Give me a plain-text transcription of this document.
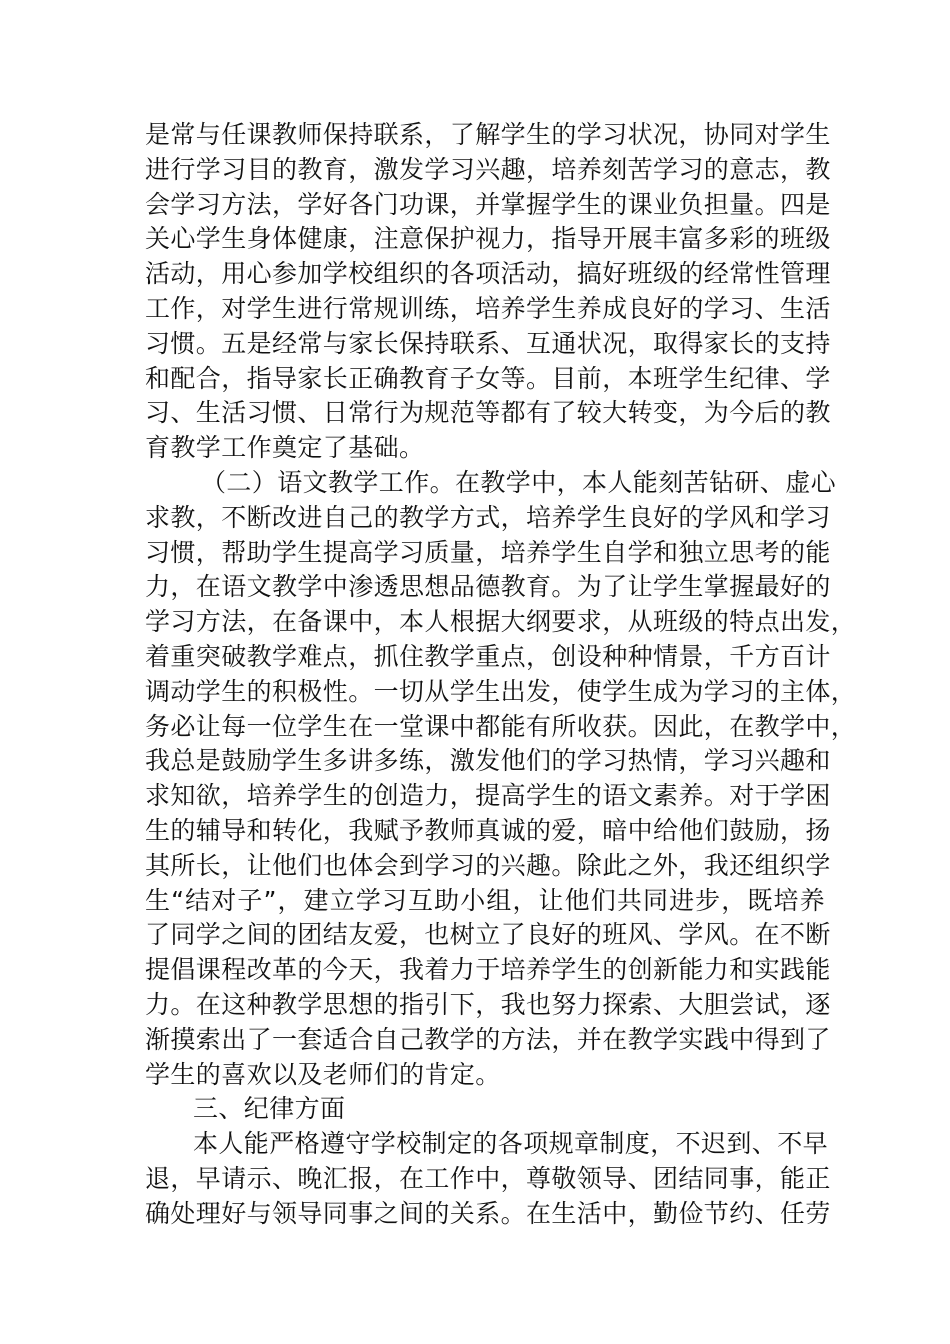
是常与任课教师保持联系，了解学生的学习状况，协同对学生
进行学习目的教育，激发学习兴趣，培养刻苦学习的意志，教
会学习方法，学好各门功课，并掌握学生的课业负担量。四是
关心学生身体健康，注意保护视力，指导开展丰富多彩的班级
活动，用心参加学校组织的各项活动，搞好班级的经常性管理
工作，对学生进行常规训练，培养学生养成良好的学习、生活
习惯。五是经常与家长保持联系、互通状况，取得家长的支持
和配合，指导家长正确教育子女等。目前，本班学生纪律、学
习、生活习惯、日常行为规范等都有了较大转变，为今后的教
育教学工作奠定了基础。
（二）语文教学工作。在教学中，本人能刻苦钻研、虚心
求教，不断改进自己的教学方式，培养学生良好的学风和学习
习惯，帮助学生提高学习质量，培养学生自学和独立思考的能
力，在语文教学中渗透思想品德教育。为了让学生掌握最好的
学习方法，在备课中，本人根据大纲要求，从班级的特点出发，
着重突破教学难点，抓住教学重点，创设种种情景，千方百计
调动学生的积极性。一切从学生出发，使学生成为学习的主体，
务必让每一位学生在一堂课中都能有所收获。因此，在教学中，
我总是鼓励学生多讲多练，激发他们的学习热情，学习兴趣和
求知欲，培养学生的创造力，提高学生的语文素养。对于学困
生的辅导和转化，我赋予教师真诚的爱，暗中给他们鼓励，扬
其所长，让他们也体会到学习的兴趣。除此之外，我还组织学
生“结对子”，建立学习互助小组，让他们共同进步，既培养
了同学之间的团结友爱，也树立了良好的班风、学风。在不断
提倡课程改革的今天，我着力于培养学生的创新能力和实践能
力。在这种教学思想的指引下，我也努力探索、大胆尝试，逐
渐摸索出了一套适合自己教学的方法，并在教学实践中得到了
学生的喜欢以及老师们的肯定。
三、纪律方面
本人能严格遵守学校制定的各项规章制度，不迟到、不早
退，早请示、晚汇报，在工作中，尊敬领导、团结同事，能正
确处理好与领导同事之间的关系。在生活中，勤俭节约、任劳
